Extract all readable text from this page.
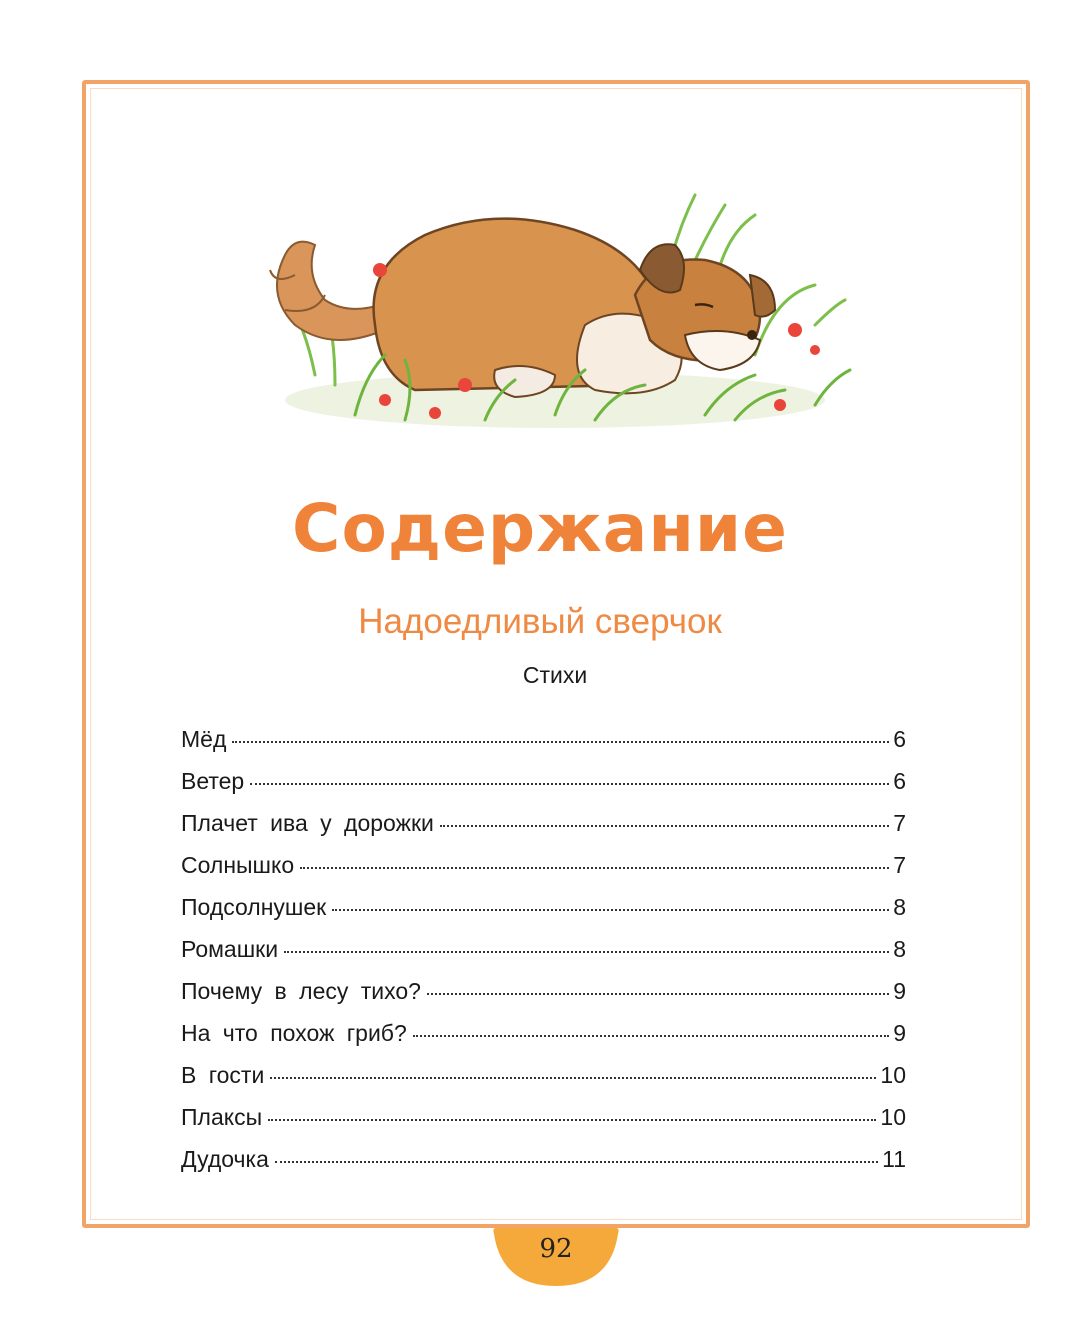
Содержание
Надоедливый сверчок
Стихи
Мёд	6
Ветер	6
Плачет ива у дорожки	7
Солнышко	7
Подсолнушек	8
Ромашки	8
Почему в лесу тихо?	9
На что похож гриб?	9
В гости	10
Плаксы	10
Дудочка	11
92
